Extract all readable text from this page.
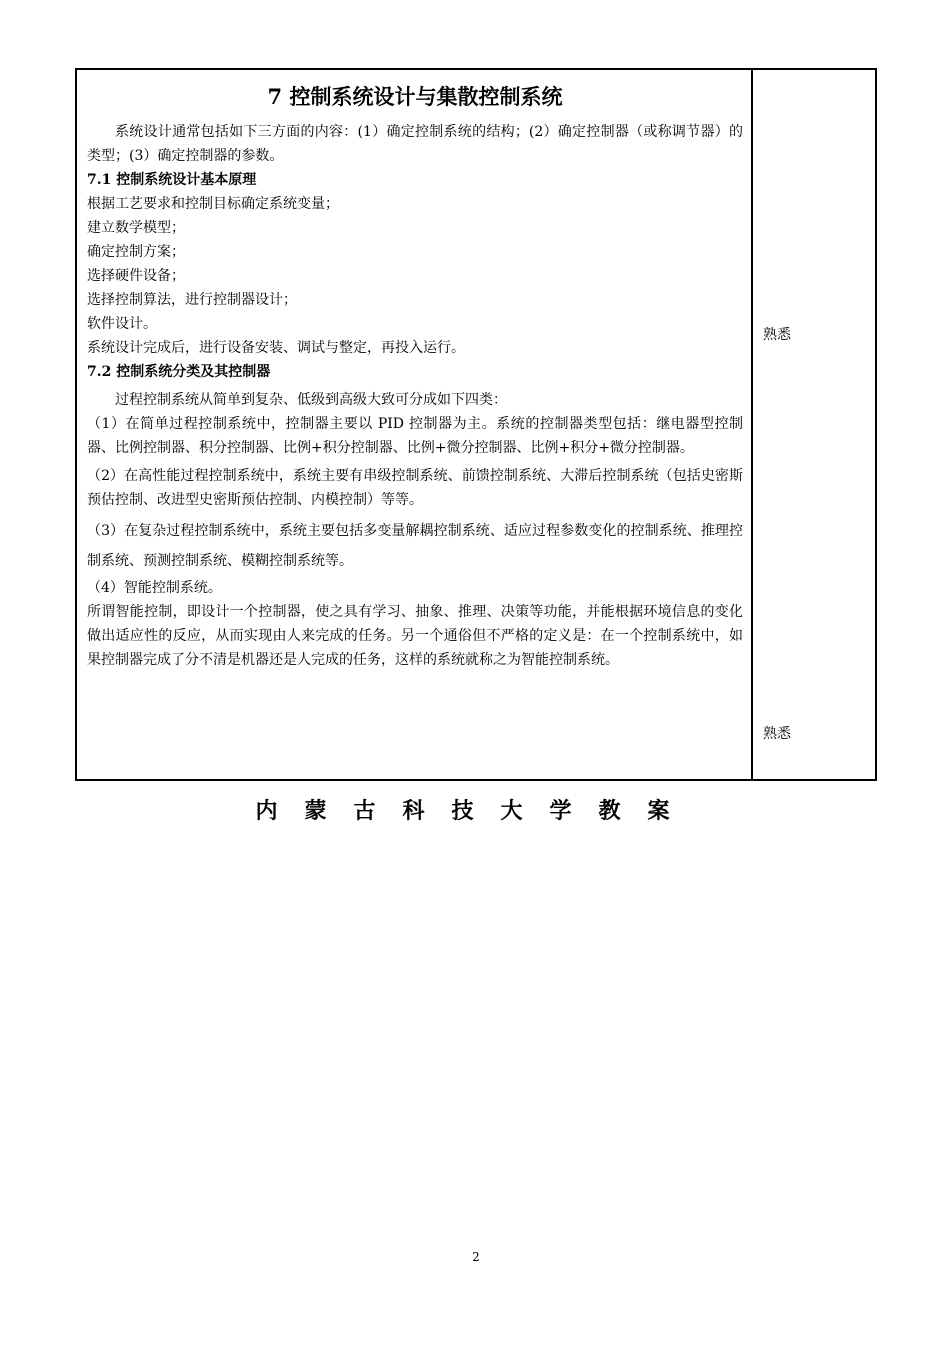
7 控制系统设计与集散控制系统

系统设计通常包括如下三方面的内容：(1）确定控制系统的结构；(2）确定控制器（或称调节器）的类型；(3）确定控制器的参数。

7.1 控制系统设计基本原理

根据工艺要求和控制目标确定系统变量；

建立数学模型；

确定控制方案；

选择硬件设备；

选择控制算法，进行控制器设计；

软件设计。

系统设计完成后，进行设备安装、调试与整定，再投入运行。

7.2 控制系统分类及其控制器

过程控制系统从简单到复杂、低级到高级大致可分成如下四类：

（1）在简单过程控制系统中，控制器主要以 PID 控制器为主。系统的控制器类型包括：继电器型控制器、比例控制器、积分控制器、比例+积分控制器、比例+微分控制器、比例+积分+微分控制器。

（2）在高性能过程控制系统中，系统主要有串级控制系统、前馈控制系统、大滞后控制系统（包括史密斯预估控制、改进型史密斯预估控制、内模控制）等等。

（3）在复杂过程控制系统中，系统主要包括多变量解耦控制系统、适应过程参数变化的控制系统、推理控制系统、预测控制系统、模糊控制系统等。

（4）智能控制系统。

所谓智能控制，即设计一个控制器，使之具有学习、抽象、推理、决策等功能，并能根据环境信息的变化做出适应性的反应，从而实现由人来完成的任务。另一个通俗但不严格的定义是：在一个控制系统中，如果控制器完成了分不清是机器还是人完成的任务，这样的系统就称之为智能控制系统。

熟悉
熟悉
内蒙古科技大学教案
2
